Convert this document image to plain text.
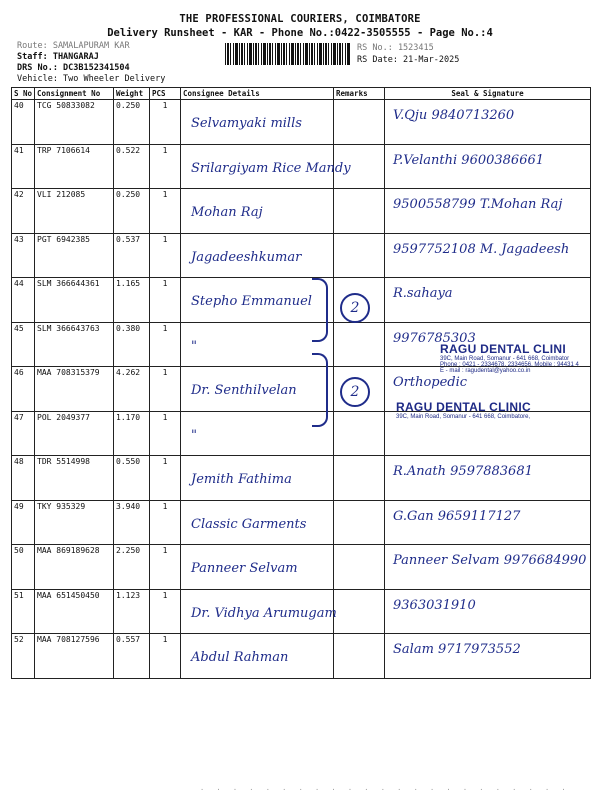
THE PROFESSIONAL COURIERS, COIMBATORE
Delivery Runsheet - KAR - Phone No.:0422-3505555 - Page No.:4
Route: SAMALAPURAM KAR
Staff: THANGARAJ
DRS No.: DC3B152341504
Vehicle: Two Wheeler Delivery
RS No.: 1523415
RS Date: 21-Mar-2025
S No	Consignment No	Weight	PCS	Consignee Details	Remarks	Seal & Signature
40	TCG 50833082	0.250	1	Selvamyaki mills		V.Qju 9840713260

41	TRP 7106614	0.522	1	Srilargiyam Rice Mandy		P.Velanthi 9600386661

42	VLI 212085	0.250	1	Mohan Raj		9500558799 T.Mohan Raj

43	PGT 6942385	0.537	1	Jagadeeshkumar		9597752108 M. Jagadeesh

44	SLM 366644361	1.165	1	Stepho Emmanuel		R.sahaya

45	SLM 366643763	0.380	1	"		9976785303

46	MAA 708315379	4.262	1	Dr. Senthilvelan		Orthopedic

47	POL 2049377	1.170	1	"		

48	TDR 5514998	0.550	1	Jemith Fathima		R.Anath 9597883681

49	TKY 935329	3.940	1	Classic Garments		G.Gan 9659117127

50	MAA 869189628	2.250	1	Panneer Selvam		Panneer Selvam 9976684990

51	MAA 651450450	1.123	1	Dr. Vidhya Arumugam		9363031910

52	MAA 708127596	0.557	1	Abdul Rahman		Salam 9717973552
2
2
RAGU DENTAL CLINI
39C, Main Road, Somanur - 641 668, Coimbator
Phone : 0421 - 2334678, 2334656, Mobile : 94431 4
E - mail : ragudental@yahoo.co.in
RAGU DENTAL CLINIC
39C, Main Road, Somanur - 641 668, Coimbatore,
· · · · · · · · · · · · · · · · · · · · · · ·
